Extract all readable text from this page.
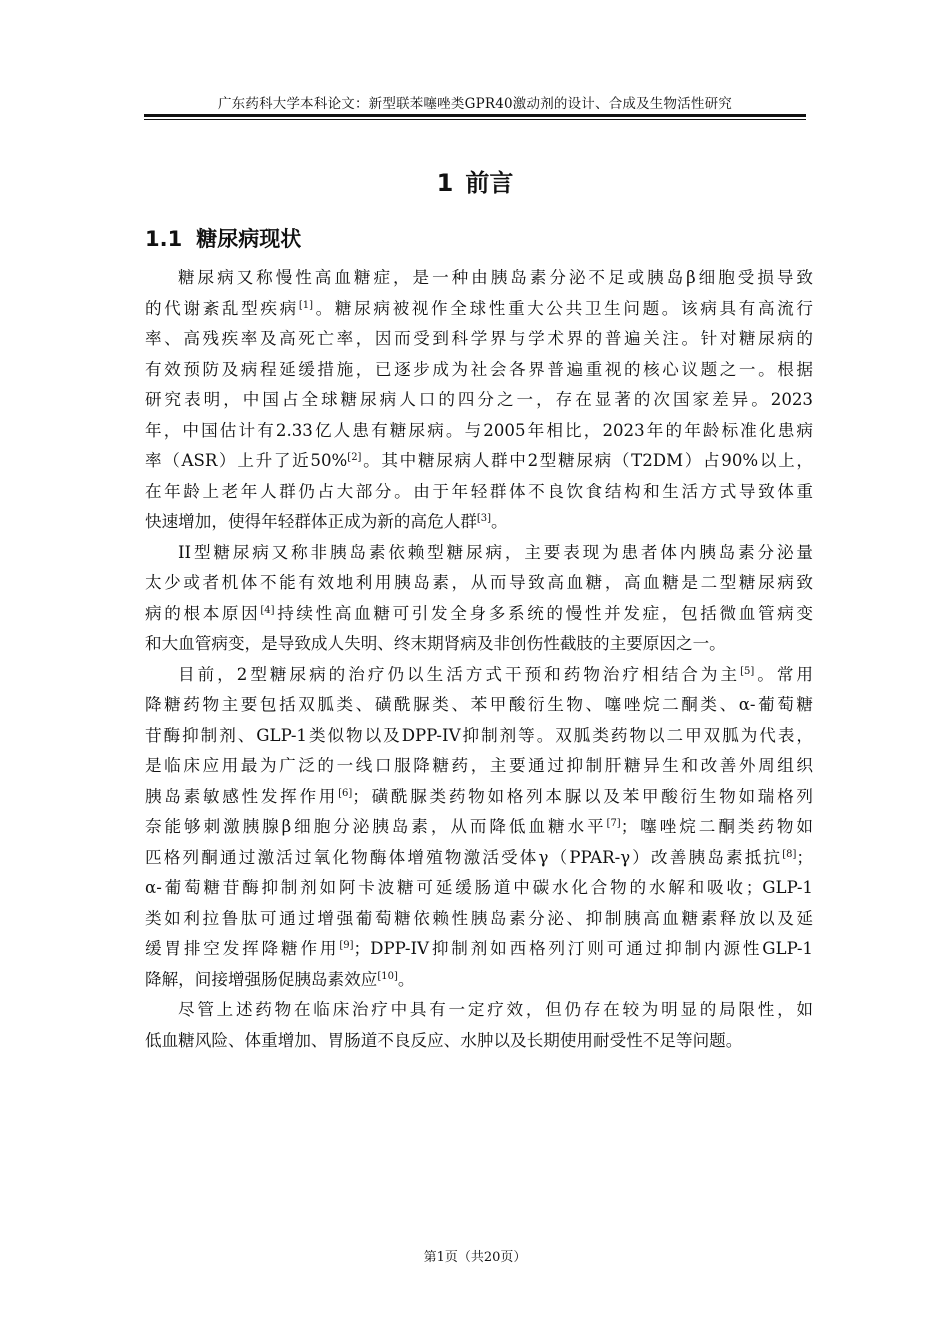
广东药科大学本科论文：新型联苯噻唑类GPR40激动剂的设计、合成及生物活性研究
1 前言
1.1 糖尿病现状
糖尿病又称慢性高血糖症，是一种由胰岛素分泌不足或胰岛β细胞受损导致
的代谢紊乱型疾病[1]。糖尿病被视作全球性重大公共卫生问题。该病具有高流行
率、高残疾率及高死亡率，因而受到科学界与学术界的普遍关注。针对糖尿病的
有效预防及病程延缓措施，已逐步成为社会各界普遍重视的核心议题之一。根据
研究表明，中国占全球糖尿病人口的四分之一，存在显著的次国家差异。2023
年，中国估计有2.33亿人患有糖尿病。与2005年相比，2023年的年龄标准化患病
率（ASR）上升了近50%[2]。其中糖尿病人群中2型糖尿病（T2DM）占90%以上，
在年龄上老年人群仍占大部分。由于年轻群体不良饮食结构和生活方式导致体重
快速增加，使得年轻群体正成为新的高危人群[3]。
II型糖尿病又称非胰岛素依赖型糖尿病，主要表现为患者体内胰岛素分泌量
太少或者机体不能有效地利用胰岛素，从而导致高血糖，高血糖是二型糖尿病致
病的根本原因[4]持续性高血糖可引发全身多系统的慢性并发症，包括微血管病变
和大血管病变，是导致成人失明、终末期肾病及非创伤性截肢的主要原因之一。
目前，2型糖尿病的治疗仍以生活方式干预和药物治疗相结合为主[5]。常用
降糖药物主要包括双胍类、磺酰脲类、苯甲酸衍生物、噻唑烷二酮类、α-葡萄糖
苷酶抑制剂、GLP-1类似物以及DPP-IV抑制剂等。双胍类药物以二甲双胍为代表，
是临床应用最为广泛的一线口服降糖药，主要通过抑制肝糖异生和改善外周组织
胰岛素敏感性发挥作用[6]；磺酰脲类药物如格列本脲以及苯甲酸衍生物如瑞格列
奈能够刺激胰腺β细胞分泌胰岛素，从而降低血糖水平[7]；噻唑烷二酮类药物如
匹格列酮通过激活过氧化物酶体增殖物激活受体γ（PPAR-γ）改善胰岛素抵抗[8]；
α-葡萄糖苷酶抑制剂如阿卡波糖可延缓肠道中碳水化合物的水解和吸收；GLP-1
类如利拉鲁肽可通过增强葡萄糖依赖性胰岛素分泌、抑制胰高血糖素释放以及延
缓胃排空发挥降糖作用[9]；DPP-IV抑制剂如西格列汀则可通过抑制内源性GLP-1
降解，间接增强肠促胰岛素效应[10]。
尽管上述药物在临床治疗中具有一定疗效，但仍存在较为明显的局限性，如
低血糖风险、体重增加、胃肠道不良反应、水肿以及长期使用耐受性不足等问题。
第1页（共20页）
